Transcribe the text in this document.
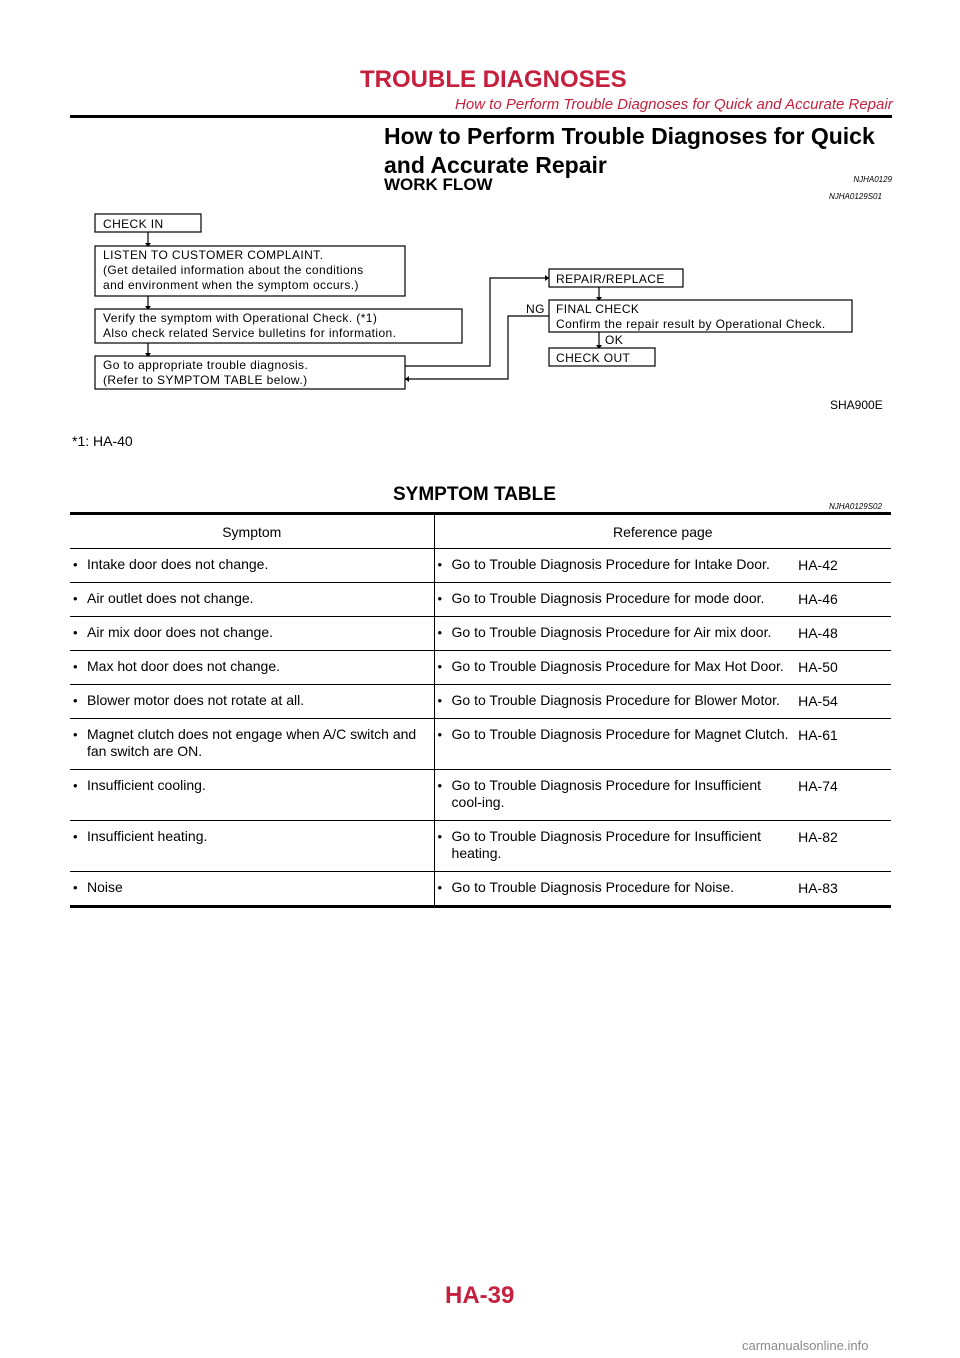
TROUBLE DIAGNOSES
How to Perform Trouble Diagnoses for Quick and Accurate Repair
How to Perform Trouble Diagnoses for Quick
and Accurate Repair
NJHA0129
WORK FLOW
NJHA0129S01
CHECK IN
LISTEN TO CUSTOMER COMPLAINT.
(Get detailed information about the conditions
and environment when the symptom occurs.)
Verify the symptom with Operational Check. (*1)
Also check related Service bulletins for information.
Go to appropriate trouble diagnosis.
(Refer to SYMPTOM TABLE below.)
REPAIR/REPLACE
FINAL CHECK
Confirm the repair result by Operational Check.
CHECK OUT
NG
OK
SHA900E
*1: HA-40
SYMPTOM TABLE
NJHA0129S02
Symptom	Reference page	

• Intake door does not change.	• Go to Trouble Diagnosis Procedure for Intake Door.	HA-42

• Air outlet does not change.	• Go to Trouble Diagnosis Procedure for mode door.	HA-46

• Air mix door does not change.	• Go to Trouble Diagnosis Procedure for Air mix door.	HA-48

• Max hot door does not change.	• Go to Trouble Diagnosis Procedure for Max Hot Door.	HA-50

• Blower motor does not rotate at all.	• Go to Trouble Diagnosis Procedure for Blower Motor.	HA-54

• Magnet clutch does not engage when A/C switch and fan switch are ON.	• Go to Trouble Diagnosis Procedure for Magnet Clutch.	HA-61

• Insufficient cooling.	• Go to Trouble Diagnosis Procedure for Insufficient cool-ing.	HA-74

• Insufficient heating.	• Go to Trouble Diagnosis Procedure for Insufficient heating.	HA-82

• Noise	• Go to Trouble Diagnosis Procedure for Noise.	HA-83
HA-39
carmanualsonline.info
